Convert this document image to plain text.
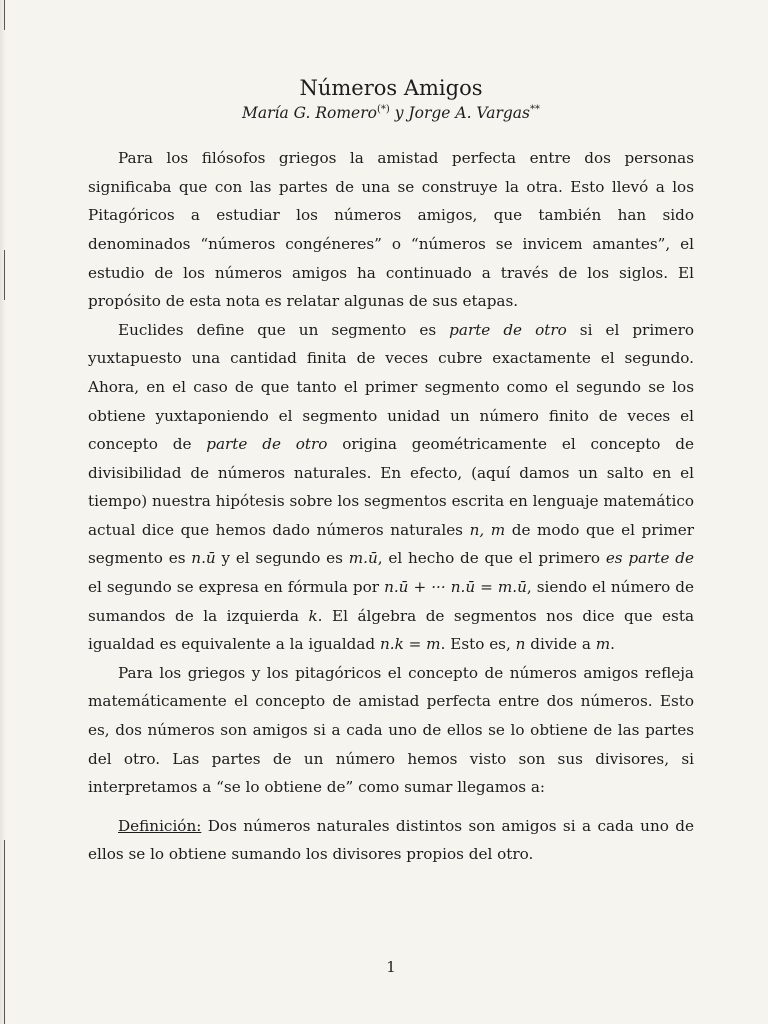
Números Amigos
María G. Romero(*) y Jorge A. Vargas**

Para los filósofos griegos la amistad perfecta entre dos personas significaba que con las partes de una se construye la otra. Esto llevó a los Pitagóricos a estudiar los números amigos, que también han sido denominados “números congéneres” o “números se invicem amantes”, el estudio de los números amigos ha continuado a través de los siglos. El propósito de esta nota es relatar algunas de sus etapas.

Euclides define que un segmento es parte de otro si el primero yuxtapuesto una cantidad finita de veces cubre exactamente el segundo. Ahora, en el caso de que tanto el primer segmento como el segundo se los obtiene yuxtaponiendo el segmento unidad un número finito de veces el concepto de parte de otro origina geométricamente el concepto de divisibilidad de números naturales. En efecto, (aquí damos un salto en el tiempo) nuestra hipótesis sobre los segmentos escrita en lenguaje matemático actual dice que hemos dado números naturales n, m de modo que el primer segmento es n.ū y el segundo es m.ū, el hecho de que el primero es parte de el segundo se expresa en fórmula por n.ū + ··· n.ū = m.ū, siendo el número de sumandos de la izquierda k. El álgebra de segmentos nos dice que esta igualdad es equivalente a la igualdad n.k = m. Esto es, n divide a m.

Para los griegos y los pitagóricos el concepto de números amigos refleja matemáticamente el concepto de amistad perfecta entre dos números. Esto es, dos números son amigos si a cada uno de ellos se lo obtiene de las partes del otro. Las partes de un número hemos visto son sus divisores, si interpretamos a “se lo obtiene de” como sumar llegamos a:

Definición: Dos números naturales distintos son amigos si a cada uno de ellos se lo obtiene sumando los divisores propios del otro.

1
